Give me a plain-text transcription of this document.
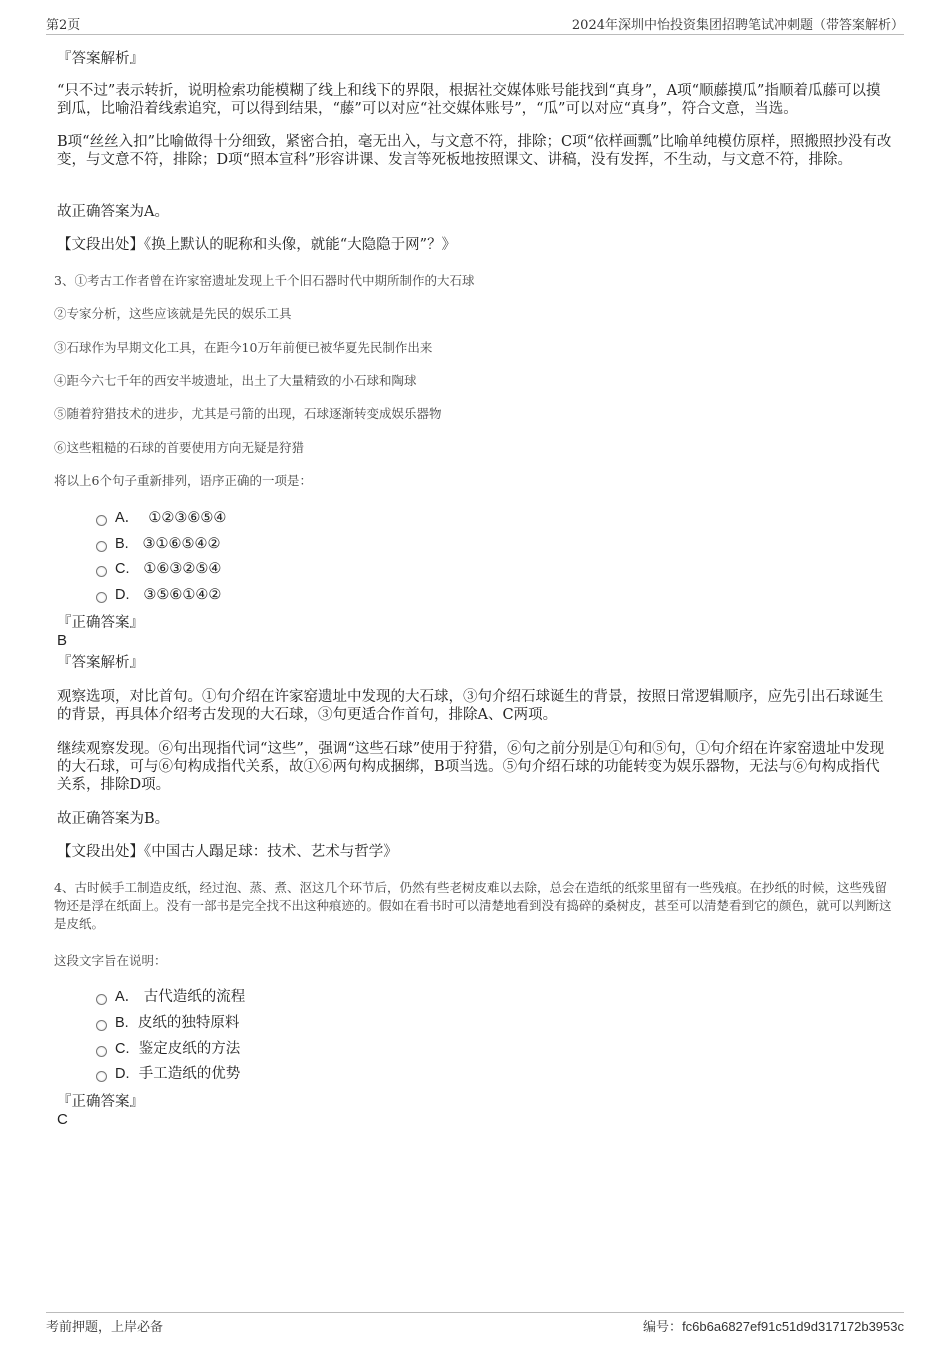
第2页	2024年深圳中怡投资集团招聘笔试冲刺题（带答案解析）

『答案解析』

“只不过”表示转折，说明检索功能模糊了线上和线下的界限，根据社交媒体账号能找到“真身”，A项“顺藤摸瓜”指顺着瓜藤可以摸到瓜，比喻沿着线索追究，可以得到结果，“藤”可以对应“社交媒体账号”，“瓜”可以对应“真身”，符合文意，当选。

B项“丝丝入扣”比喻做得十分细致，紧密合拍，毫无出入，与文意不符，排除；C项“依样画瓢”比喻单纯模仿原样，照搬照抄没有改变，与文意不符，排除；D项“照本宣科”形容讲课、发言等死板地按照课文、讲稿，没有发挥，不生动，与文意不符，排除。

故正确答案为A。

【文段出处】《换上默认的昵称和头像，就能“大隐隐于网”？》

3、①考古工作者曾在许家窑遗址发现上千个旧石器时代中期所制作的大石球

②专家分析，这些应该就是先民的娱乐工具

③石球作为早期文化工具，在距今10万年前便已被华夏先民制作出来

④距今六七千年的西安半坡遗址，出土了大量精致的小石球和陶球

⑤随着狩猎技术的进步，尤其是弓箭的出现，石球逐渐转变成娱乐器物

⑥这些粗糙的石球的首要使用方向无疑是狩猎

将以上6个句子重新排列，语序正确的一项是：

A． ①②③⑥⑤④
B. ③①⑥⑤④②
C. ①⑥③②⑤④
D. ③⑤⑥①④②

『正确答案』

B

『答案解析』

观察选项，对比首句。①句介绍在许家窑遗址中发现的大石球，③句介绍石球诞生的背景，按照日常逻辑顺序，应先引出石球诞生的背景，再具体介绍考古发现的大石球，③句更适合作首句，排除A、C两项。

继续观察发现。⑥句出现指代词“这些”，强调“这些石球”使用于狩猎，⑥句之前分别是①句和⑤句，①句介绍在许家窑遗址中发现的大石球，可与⑥句构成指代关系，故①⑥两句构成捆绑，B项当选。⑤句介绍石球的功能转变为娱乐器物，无法与⑥句构成指代关系，排除D项。

故正确答案为B。

【文段出处】《中国古人蹋足球：技术、艺术与哲学》

4、古时候手工制造皮纸，经过泡、蒸、煮、沤这几个环节后，仍然有些老树皮难以去除，总会在造纸的纸浆里留有一些残痕。在抄纸的时候，这些残留物还是浮在纸面上。没有一部书是完全找不出这种痕迹的。假如在看书时可以清楚地看到没有捣碎的桑树皮，甚至可以清楚看到它的颜色，就可以判断这是皮纸。

这段文字旨在说明：

A． 古代造纸的流程
B. 皮纸的独特原料
C. 鉴定皮纸的方法
D. 手工造纸的优势

『正确答案』

C

考前押题，上岸必备	编号：fc6b6a6827ef91c51d9d317172b3953c
